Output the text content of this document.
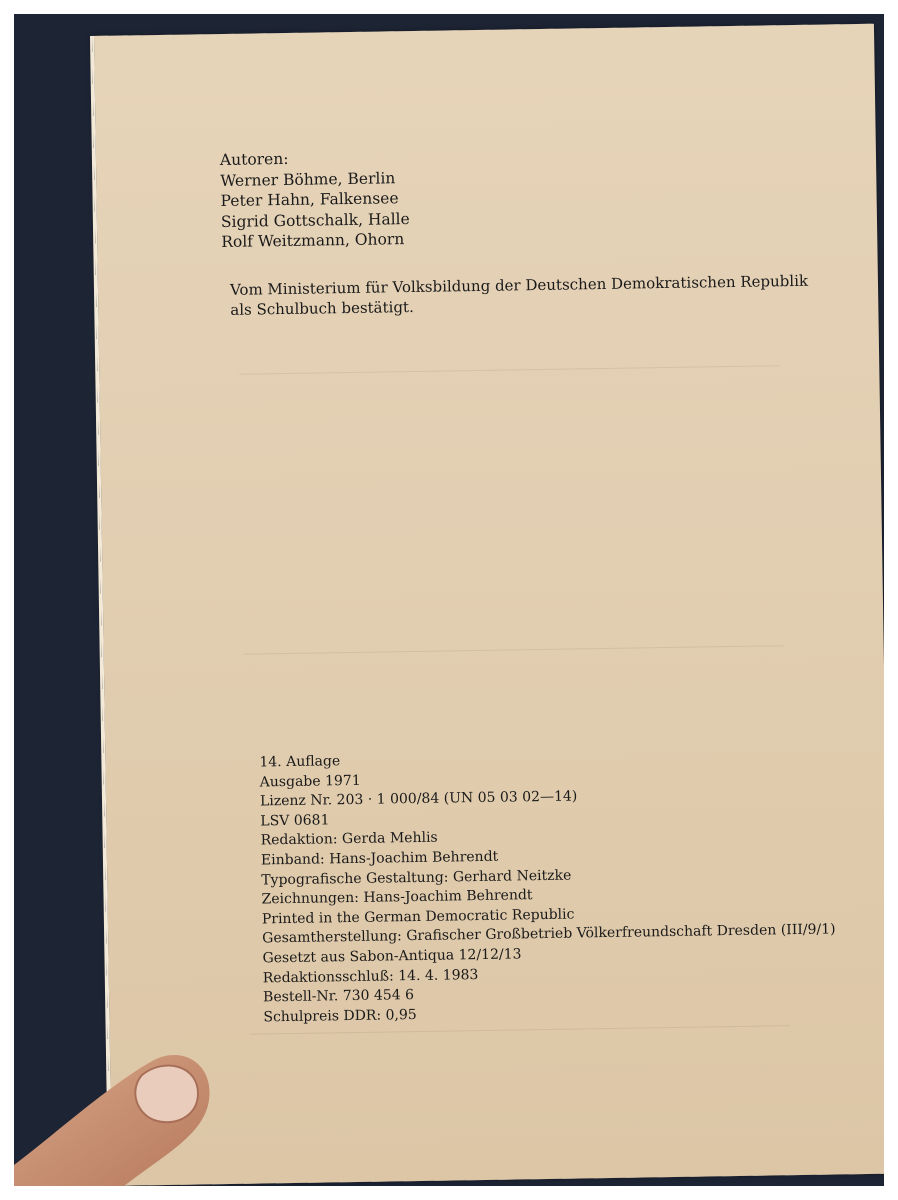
Autoren:
Werner Böhme, Berlin
Peter Hahn, Falkensee
Sigrid Gottschalk, Halle
Rolf Weitzmann, Ohorn
Vom Ministerium für Volksbildung der Deutschen Demokratischen Republik
als Schulbuch bestätigt.
14. Auflage
Ausgabe 1971
Lizenz Nr. 203 · 1 000/84 (UN 05 03 02—14)
LSV 0681
Redaktion: Gerda Mehlis
Einband: Hans-Joachim Behrendt
Typografische Gestaltung: Gerhard Neitzke
Zeichnungen: Hans-Joachim Behrendt
Printed in the German Democratic Republic
Gesamtherstellung: Grafischer Großbetrieb Völkerfreundschaft Dresden (III/9/1)
Gesetzt aus Sabon-Antiqua 12/12/13
Redaktionsschluß: 14. 4. 1983
Bestell-Nr. 730 454 6
Schulpreis DDR: 0,95
